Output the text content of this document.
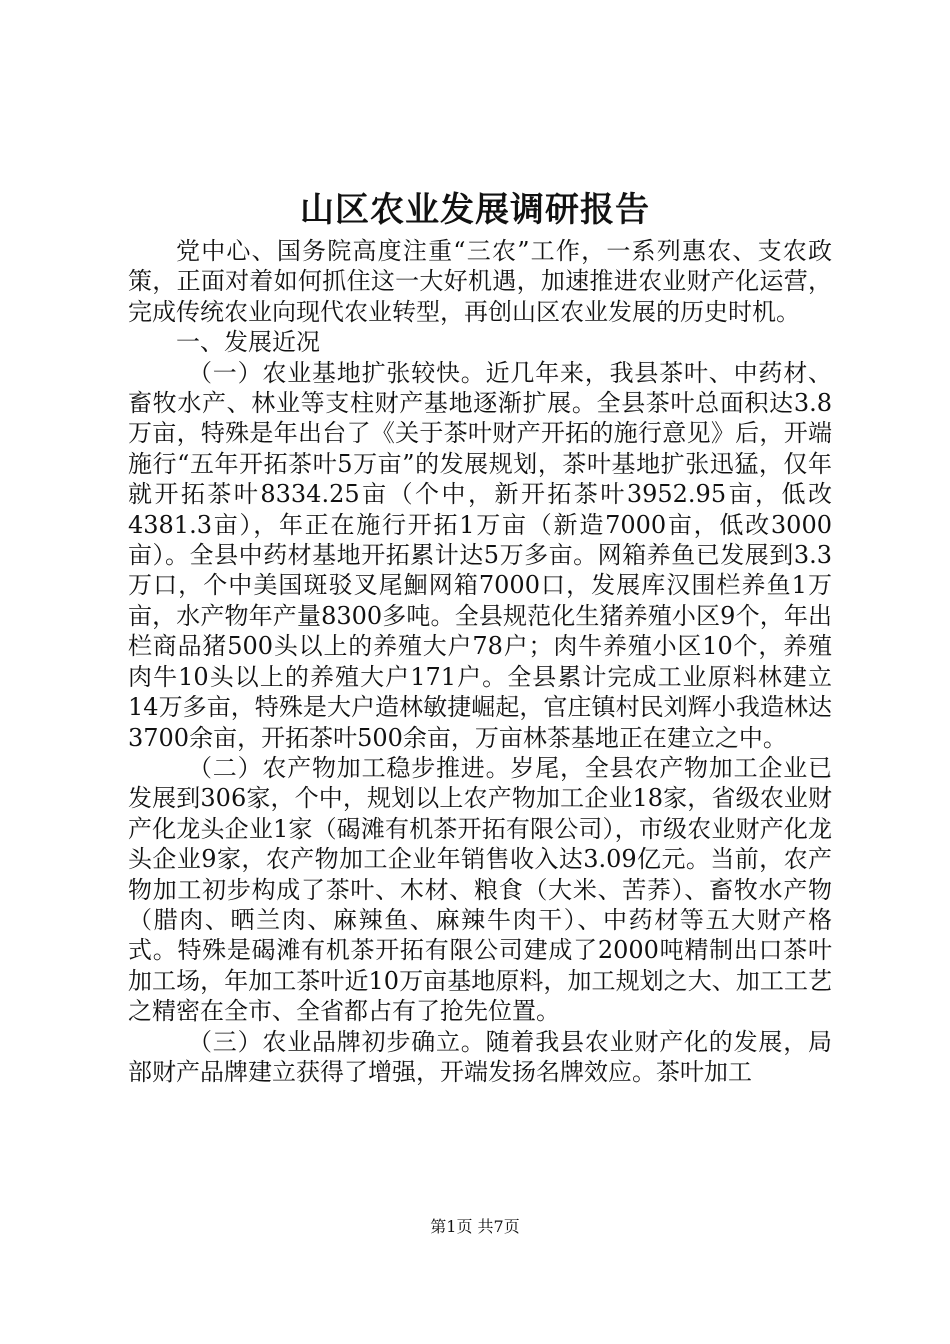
山区农业发展调研报告

党中心、国务院高度注重“三农”工作，一系列惠农、支农政策，正面对着如何抓住这一大好机遇，加速推进农业财产化运营，完成传统农业向现代农业转型，再创山区农业发展的历史时机。

一、发展近况

（一）农业基地扩张较快。近几年来，我县茶叶、中药材、畜牧水产、林业等支柱财产基地逐渐扩展。全县茶叶总面积达3.8万亩，特殊是年出台了《关于茶叶财产开拓的施行意见》后，开端施行“五年开拓茶叶5万亩”的发展规划，茶叶基地扩张迅猛，仅年就开拓茶叶8334.25亩（个中，新开拓茶叶3952.95亩，低改4381.3亩），年正在施行开拓1万亩（新造7000亩，低改3000亩）。全县中药材基地开拓累计达5万多亩。网箱养鱼已发展到3.3万口，个中美国斑驳叉尾鮰网箱7000口，发展库汉围栏养鱼1万亩，水产物年产量8300多吨。全县规范化生猪养殖小区9个，年出栏商品猪500头以上的养殖大户78户；肉牛养殖小区10个，养殖肉牛10头以上的养殖大户171户。全县累计完成工业原料林建立14万多亩，特殊是大户造林敏捷崛起，官庄镇村民刘辉小我造林达3700余亩，开拓茶叶500余亩，万亩林茶基地正在建立之中。

（二）农产物加工稳步推进。岁尾，全县农产物加工企业已发展到306家，个中，规划以上农产物加工企业18家，省级农业财产化龙头企业1家（碣滩有机茶开拓有限公司），市级农业财产化龙头企业9家，农产物加工企业年销售收入达3.09亿元。当前，农产物加工初步构成了茶叶、木材、粮食（大米、苦荞）、畜牧水产物（腊肉、晒兰肉、麻辣鱼、麻辣牛肉干）、中药材等五大财产格式。特殊是碣滩有机茶开拓有限公司建成了2000吨精制出口茶叶加工场，年加工茶叶近10万亩基地原料，加工规划之大、加工工艺之精密在全市、全省都占有了抢先位置。

（三）农业品牌初步确立。随着我县农业财产化的发展，局部财产品牌建立获得了增强，开端发扬名牌效应。茶叶加工

第1页 共7页
